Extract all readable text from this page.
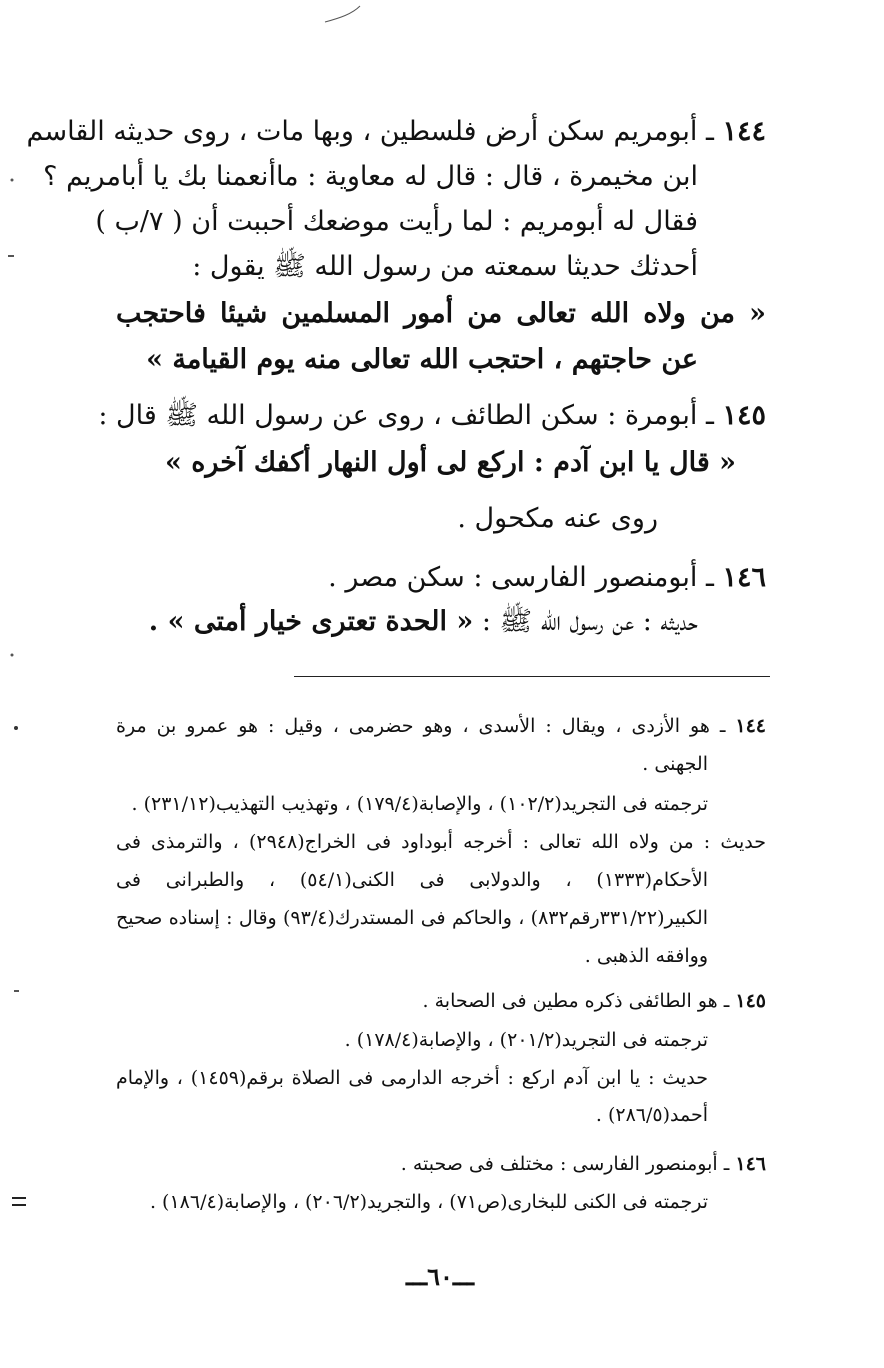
١٤٤ ـ أبومريم سكن أرض فلسطين ، وبها مات ، روى حديثه القاسم
ابن مخيمرة ، قال : قال له معاوية : ماأنعمنا بك يا أبامريم ؟
فقال له أبومريم : لما رأيت موضعك أحببت أن ( ٧/ب )
أحدثك حديثا سمعته من رسول الله ﷺ يقول :
« من ولاه الله تعالى من أمور المسلمين شيئا فاحتجب
عن حاجتهم ، احتجب الله تعالى منه يوم القيامة »
١٤٥ ـ أبومرة : سكن الطائف ، روى عن رسول الله ﷺ قال :
« قال يا ابن آدم : اركع لى أول النهار أكفك آخره »
روى عنه مكحول .
١٤٦ ـ أبومنصور الفارسى : سكن مصر .
حديثه : عن رسول الله ﷺ : « الحدة تعترى خيار أمتى » .
١٤٤ ـ هو الأزدى ، ويقال : الأسدى ، وهو حضرمى ، وقيل : هو عمرو بن مرة
الجهنى .
ترجمته فى التجريد(١٠٢/٢) ، والإصابة(١٧٩/٤) ، وتهذيب التهذيب(٢٣١/١٢) .
حديث : من ولاه الله تعالى : أخرجه أبوداود فى الخراج(٢٩٤٨) ، والترمذى فى
الأحكام(١٣٣٣) ، والدولابى فى الكنى(٥٤/١) ، والطبرانى فى
الكبير(٣٣١/٢٢رقم٨٣٢) ، والحاكم فى المستدرك(٩٣/٤) وقال : إسناده صحيح
ووافقه الذهبى .
١٤٥ ـ هو الطائفى ذكره مطين فى الصحابة .
ترجمته فى التجريد(٢٠١/٢) ، والإصابة(١٧٨/٤) .
حديث : يا ابن آدم اركع : أخرجه الدارمى فى الصلاة برقم(١٤٥٩) ، والإمام
أحمد(٢٨٦/٥) .
١٤٦ ـ أبومنصور الفارسى : مختلف فى صحبته .
ترجمته فى الكنى للبخارى(ص٧١) ، والتجريد(٢٠٦/٢) ، والإصابة(١٨٦/٤) .
ـــ٦٠ـــ
